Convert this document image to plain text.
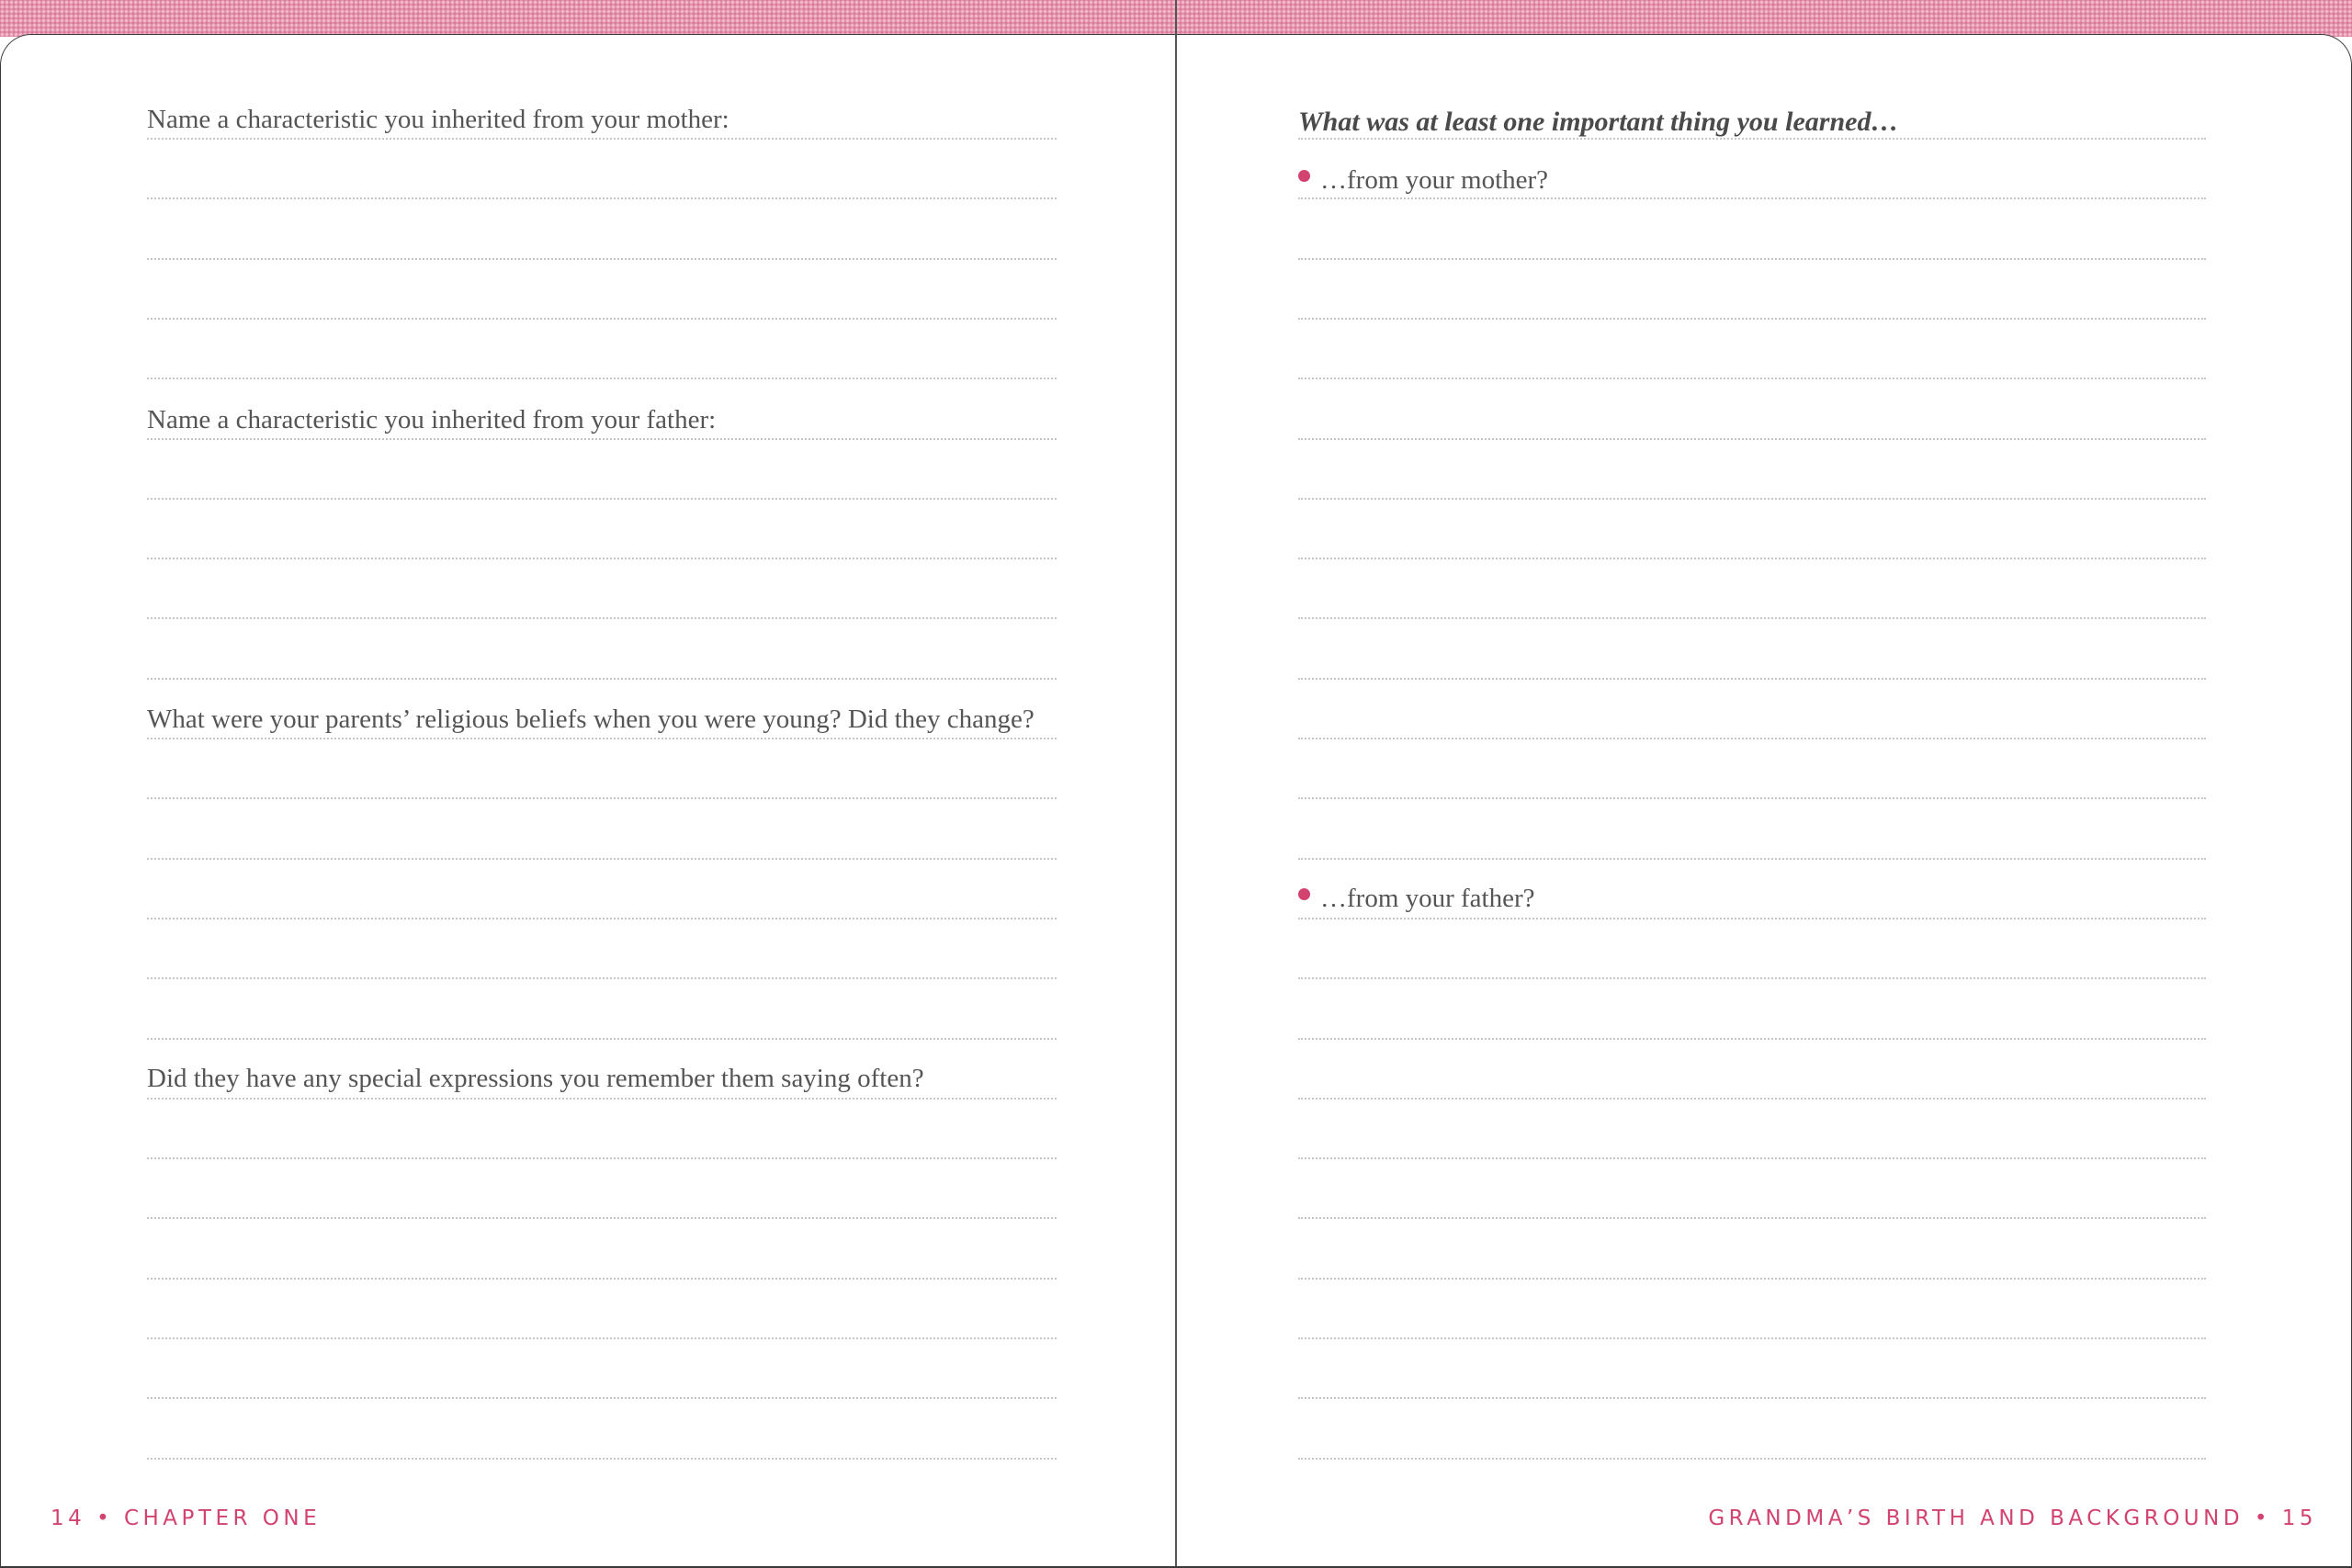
Name a characteristic you inherited from your mother:
Name a characteristic you inherited from your father:
What were your parents’ religious beliefs when you were young? Did they change?
Did they have any special expressions you remember them saying often?
14 • CHAPTER ONE
What was at least one important thing you learned…
…from your mother?
…from your father?
GRANDMA’S BIRTH AND BACKGROUND • 15
